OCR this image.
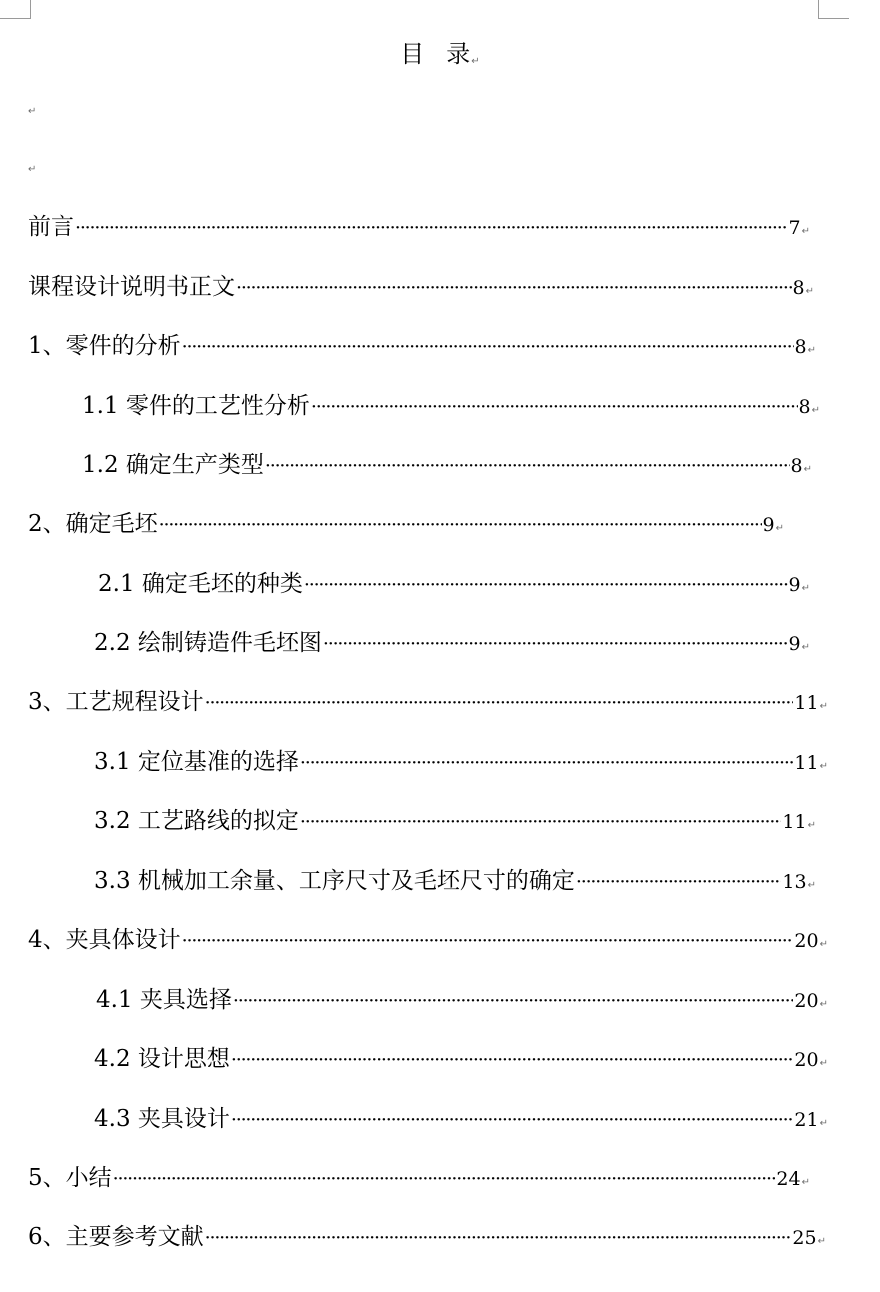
目 录↵
↵
↵
前言 ·····	7 ↵
课程设计说明书正文 ·····	8 ↵
1、零件的分析 ·····	8 ↵
1.1 零件的工艺性分析 ·····	8 ↵
1.2 确定生产类型 ·····	8 ↵
2、确定毛坯 ·····	9 ↵
2.1 确定毛坯的种类 ·····	9 ↵
2.2 绘制铸造件毛坯图 ·····	9 ↵
3、工艺规程设计 ·····	11 ↵
3.1 定位基准的选择 ·····	11 ↵
3.2 工艺路线的拟定 ·····	11 ↵
3.3 机械加工余量、工序尺寸及毛坯尺寸的确定 ·····	13 ↵
4、夹具体设计 ·····	20 ↵
4.1 夹具选择 ·····	20 ↵
4.2 设计思想 ·····	20 ↵
4.3 夹具设计 ·····	21 ↵
5、小结 ·····	24 ↵
6、主要参考文献 ·····	25 ↵
